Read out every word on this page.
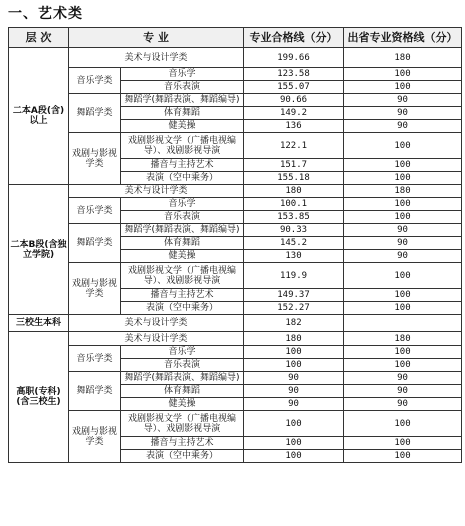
一、艺术类
层 次	专 业		专业合格线（分）	出省专业资格线（分）
二本A段(含)以上	美术与设计学类		199.66	180
	音乐学类	音乐学	123.58	100
		音乐表演	155.07	100
	舞蹈学类	舞蹈学(舞蹈表演、舞蹈编导)	90.66	90
		体育舞蹈	149.2	90
		健美操	136	90
	戏剧与影视学类	戏剧影视文学（广播电视编导）、戏剧影视导演	122.1	100
		播音与主持艺术	151.7	100
		表演（空中乘务）	155.18	100
二本B段(含独立学院)	美术与设计学类		180	180
	音乐学类	音乐学	100.1	100
		音乐表演	153.85	100
	舞蹈学类	舞蹈学(舞蹈表演、舞蹈编导)	90.33	90
		体育舞蹈	145.2	90
		健美操	130	90
	戏剧与影视学类	戏剧影视文学（广播电视编导）、戏剧影视导演	119.9	100
		播音与主持艺术	149.37	100
		表演（空中乘务）	152.27	100
三校生本科	美术与设计学类		182	
高职(专科)(含三校生)	美术与设计学类		180	180
	音乐学类	音乐学	100	100
		音乐表演	100	100
	舞蹈学类	舞蹈学(舞蹈表演、舞蹈编导)	90	90
		体育舞蹈	90	90
		健美操	90	90
	戏剧与影视学类	戏剧影视文学（广播电视编导）、戏剧影视导演	100	100
		播音与主持艺术	100	100
		表演（空中乘务）	100	100
